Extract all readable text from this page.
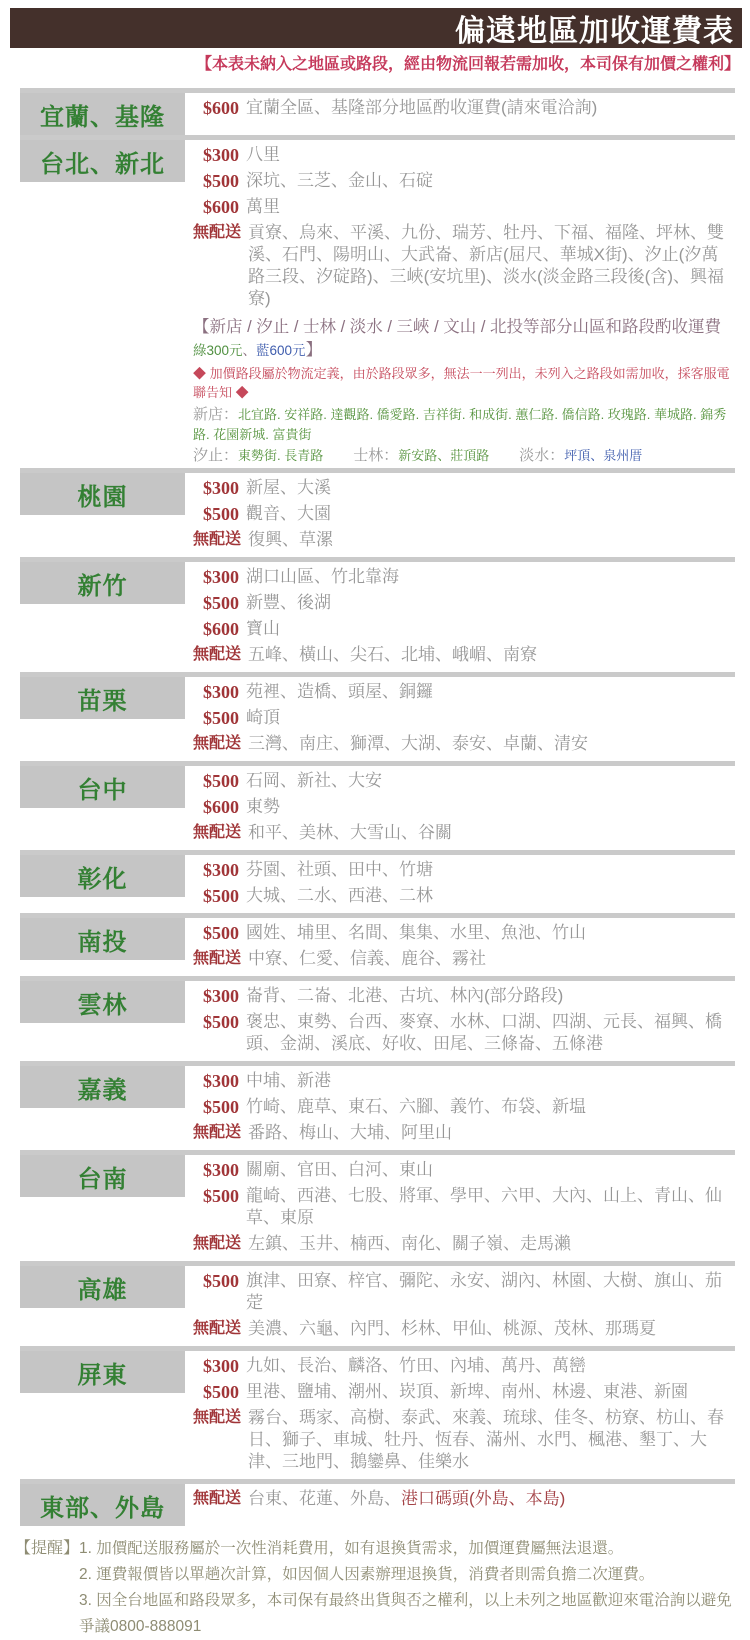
偏遠地區加收運費表
【本表未納入之地區或路段，經由物流回報若需加收，本司保有加價之權利】
宜蘭、基隆	$600 宜蘭全區、基隆部分地區酌收運費(請來電洽詢)
台北、新北	$300 八里
$500 深坑、三芝、金山、石碇
$600 萬里
無配送 貢寮、烏來、平溪、九份、瑞芳、牡丹、下福、福隆、坪林、雙溪、石門、陽明山、大武崙、新店(屈尺、華城X街)、汐止(汐萬路三段、汐碇路)、三峽(安坑里)、淡水(淡金路三段後(含)、興福寮)
【新店 / 汐止 / 士林 / 淡水 / 三峽 / 文山 / 北投等部分山區和路段酌收運費 綠300元、藍600元】
◆ 加價路段屬於物流定義，由於路段眾多，無法一一列出，未列入之路段如需加收，採客服電聯告知 ◆
新店：北宜路. 安祥路. 達觀路. 僑愛路. 吉祥街. 和成街. 蕙仁路. 僑信路. 玫瑰路. 華城路. 錦秀路. 花園新城. 富貴街
汐止：東勢街. 長青路 士林：新安路、莊頂路 淡水：坪頂、泉州厝
桃園	$300 新屋、大溪
$500 觀音、大園
無配送 復興、草漯
新竹	$300 湖口山區、竹北靠海
$500 新豐、後湖
$600 寶山
無配送 五峰、橫山、尖石、北埔、峨嵋、南寮
苗栗	$300 苑裡、造橋、頭屋、銅鑼
$500 崎頂
無配送 三灣、南庄、獅潭、大湖、泰安、卓蘭、清安
台中	$500 石岡、新社、大安
$600 東勢
無配送 和平、美林、大雪山、谷關
彰化	$300 芬園、社頭、田中、竹塘
$500 大城、二水、西港、二林
南投	$500 國姓、埔里、名間、集集、水里、魚池、竹山
無配送 中寮、仁愛、信義、鹿谷、霧社
雲林	$300 崙背、二崙、北港、古坑、林內(部分路段)
$500 褒忠、東勢、台西、麥寮、水林、口湖、四湖、元長、福興、橋頭、金湖、溪底、好收、田尾、三條崙、五條港
嘉義	$300 中埔、新港
$500 竹崎、鹿草、東石、六腳、義竹、布袋、新塭
無配送 番路、梅山、大埔、阿里山
台南	$300 關廟、官田、白河、東山
$500 龍崎、西港、七股、將軍、學甲、六甲、大內、山上、青山、仙草、東原
無配送 左鎮、玉井、楠西、南化、關子嶺、走馬瀨
高雄	$500 旗津、田寮、梓官、彌陀、永安、湖內、林園、大樹、旗山、茄萣
無配送 美濃、六龜、內門、杉林、甲仙、桃源、茂林、那瑪夏
屏東	$300 九如、長治、麟洛、竹田、內埔、萬丹、萬巒
$500 里港、鹽埔、潮州、崁頂、新埤、南州、林邊、東港、新園
無配送 霧台、瑪家、高樹、泰武、來義、琉球、佳冬、枋寮、枋山、春日、獅子、車城、牡丹、恆春、滿州、水門、楓港、墾丁、大津、三地門、鵝鑾鼻、佳樂水
東部、外島 無配送 台東、花蓮、外島、港口碼頭(外島、本島)
【提醒】 1. 加價配送服務屬於一次性消耗費用，如有退換貨需求，加價運費屬無法退還。
2. 運費報價皆以單趟次計算，如因個人因素辦理退換貨，消費者則需負擔二次運費。
3. 因全台地區和路段眾多，本司保有最終出貨與否之權利，以上未列之地區歡迎來電洽詢以避免爭議0800-888091
